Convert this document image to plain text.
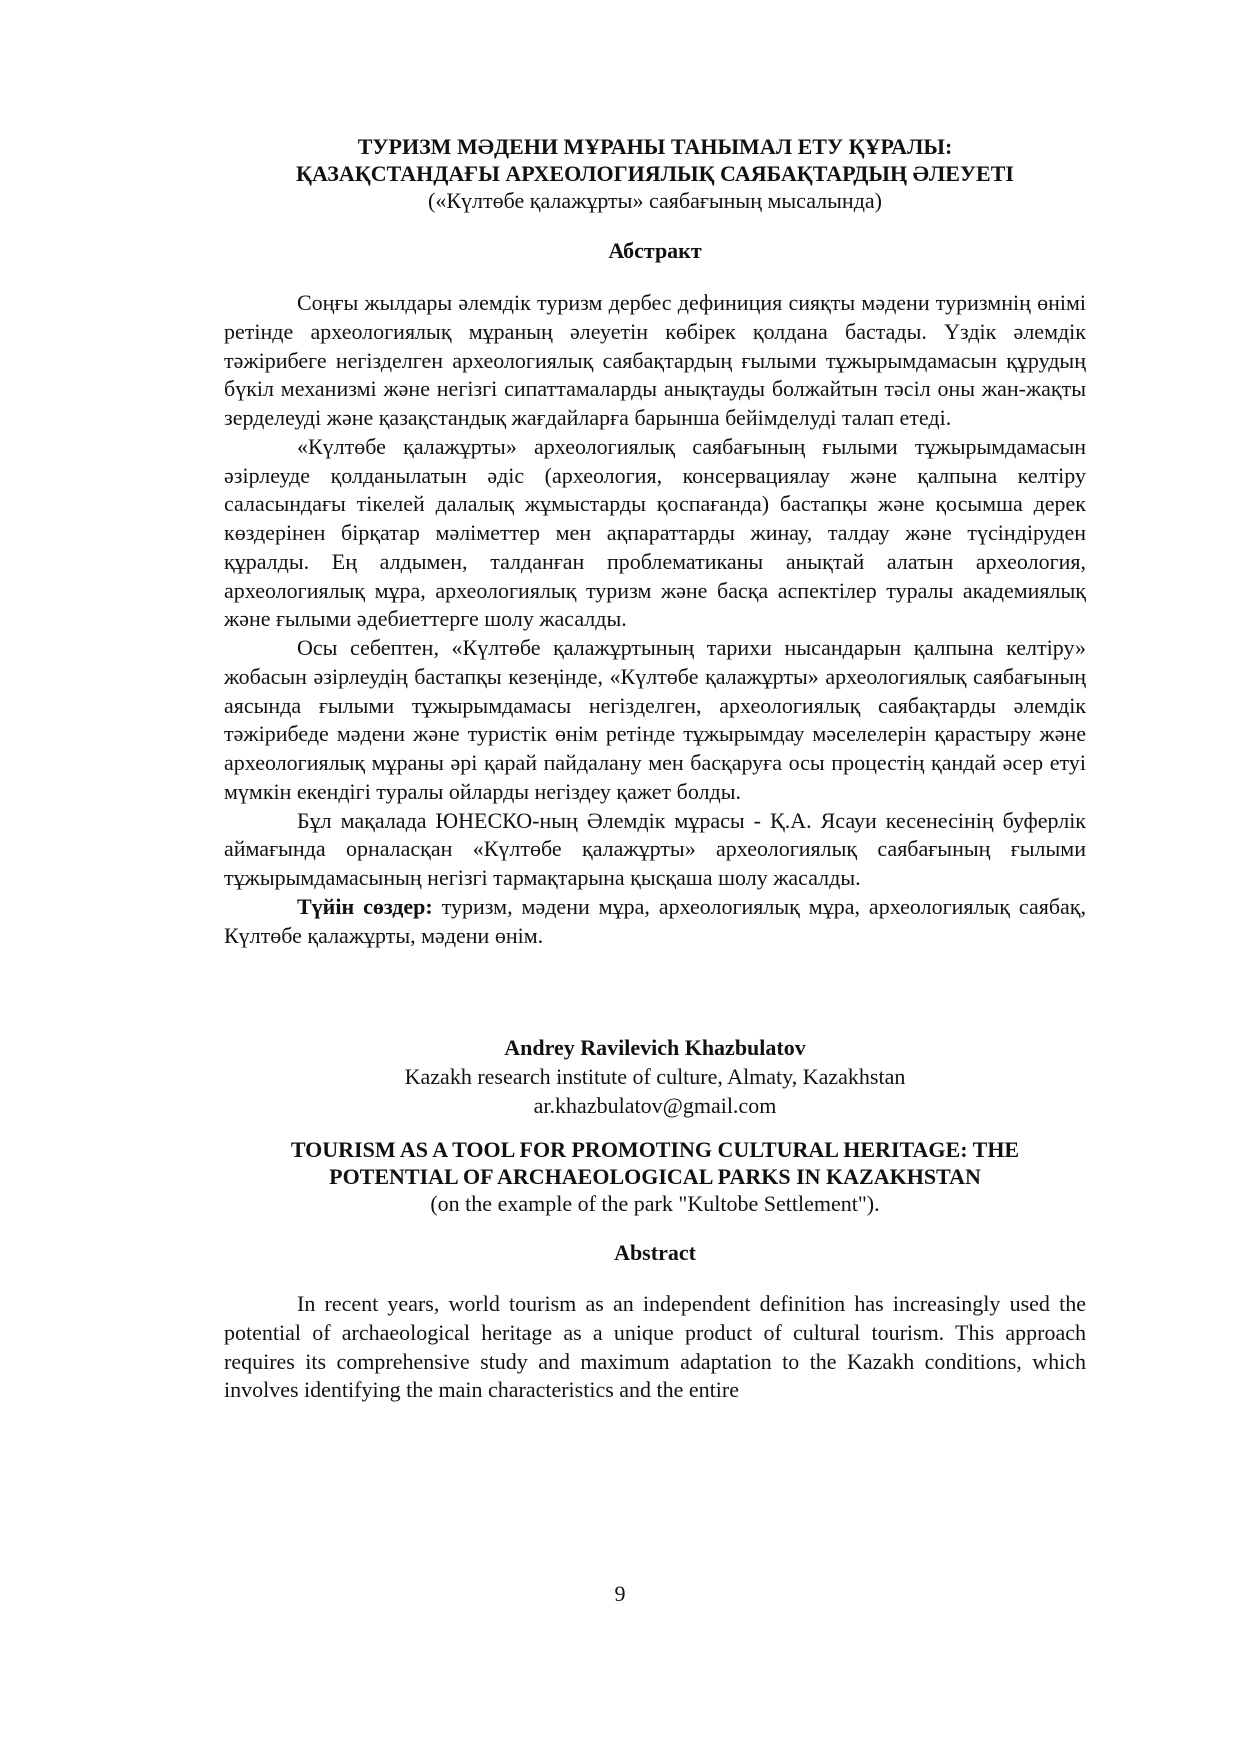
ТУРИЗМ МӘДЕНИ МҰРАНЫ ТАНЫМАЛ ЕТУ ҚҰРАЛЫ:
ҚАЗАҚСТАНДАҒЫ АРХЕОЛОГИЯЛЫҚ САЯБАҚТАРДЫҢ ӘЛЕУЕТІ
(«Күлтөбе қалажұрты» саябағының мысалында)
Абстракт

Соңғы жылдары әлемдік туризм дербес дефиниция сияқты мәдени туризмнің өнімі ретінде археологиялық мұраның әлеуетін көбірек қолдана бастады. Үздік әлемдік тәжірибеге негізделген археологиялық саябақтардың ғылыми тұжырымдамасын құрудың бүкіл механизмі және негізгі сипаттамаларды анықтауды болжайтын тәсіл оны жан-жақты зерделеуді және қазақстандық жағдайларға барынша бейімделуді талап етеді.

«Күлтөбе қалажұрты» археологиялық саябағының ғылыми тұжырымдамасын әзірлеуде қолданылатын әдіс (археология, консервациялау және қалпына келтіру саласындағы тікелей далалық жұмыстарды қоспағанда) бастапқы және қосымша дерек көздерінен бірқатар мәліметтер мен ақпараттарды жинау, талдау және түсіндіруден құралды. Ең алдымен, талданған проблематиканы анықтай алатын археология, археологиялық мұра, археологиялық туризм және басқа аспектілер туралы академиялық және ғылыми әдебиеттерге шолу жасалды.

Осы себептен, «Күлтөбе қалажұртының тарихи нысандарын қалпына келтіру» жобасын әзірлеудің бастапқы кезеңінде, «Күлтөбе қалажұрты» археологиялық саябағының аясында ғылыми тұжырымдамасы негізделген, археологиялық саябақтарды әлемдік тәжірибеде мәдени және туристік өнім ретінде тұжырымдау мәселелерін қарастыру және археологиялық мұраны әрі қарай пайдалану мен басқаруға осы процестің қандай әсер етуі мүмкін екендігі туралы ойларды негіздеу қажет болды.

Бұл мақалада ЮНЕСКО-ның Әлемдік мұрасы - Қ.А. Ясауи кесенесінің буферлік аймағында орналасқан «Күлтөбе қалажұрты» археологиялық саябағының ғылыми тұжырымдамасының негізгі тармақтарына қысқаша шолу жасалды.

Түйін сөздер: туризм, мәдени мұра, археологиялық мұра, археологиялық саябақ, Күлтөбе қалажұрты, мәдени өнім.

Andrey Ravilevich Khazbulatov
Kazakh research institute of culture, Almaty, Kazakhstan
ar.khazbulatov@gmail.com
TOURISM AS A TOOL FOR PROMOTING CULTURAL HERITAGE: THE
POTENTIAL OF ARCHAEOLOGICAL PARKS IN KAZAKHSTAN
(on the example of the park "Kultobe Settlement").
Abstract

In recent years, world tourism as an independent definition has increasingly used the potential of archaeological heritage as a unique product of cultural tourism. This approach requires its comprehensive study and maximum adaptation to the Kazakh conditions, which involves identifying the main characteristics and the entire

9
